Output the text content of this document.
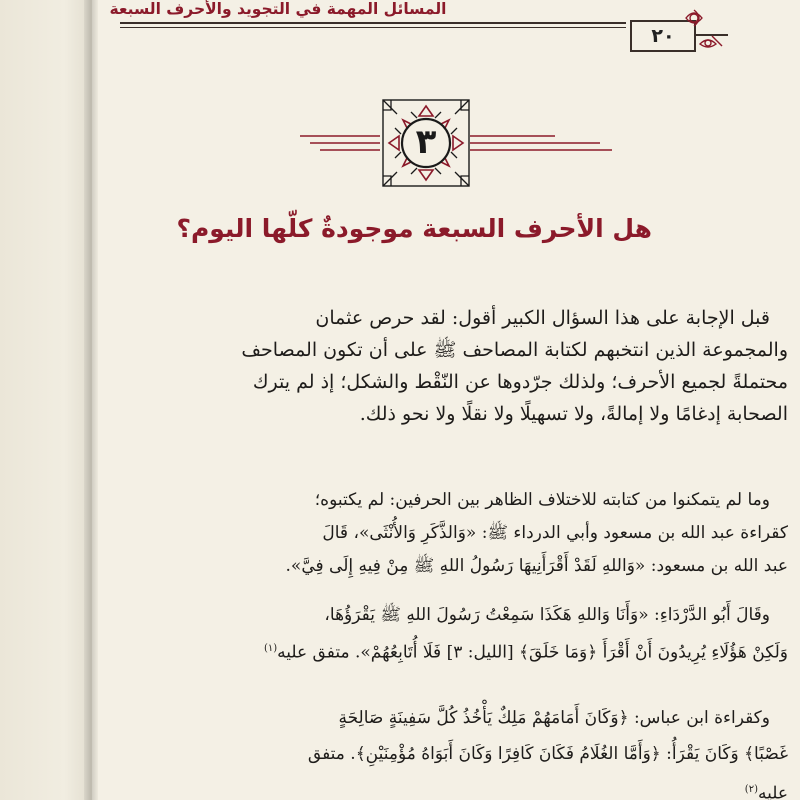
المسائل المهمة في التجويد والأحرف السبعة
٢٠
٣
هل الأحرف السبعة موجودةٌ كلّها اليوم؟
قبل الإجابة على هذا السؤال الكبير أقول: لقد حرص عثمان
والمجموعة الذين انتخبهم لكتابة المصاحف ﷺ على أن تكون المصاحف
محتملةً لجميع الأحرف؛ ولذلك جرّدوها عن النّقْط والشكل؛ إذ لم يترك
الصحابة إدغامًا ولا إمالةً، ولا تسهيلًا ولا نقلًا ولا نحو ذلك.
وما لم يتمكنوا من كتابته للاختلاف الظاهر بين الحرفين: لم يكتبوه؛
كقراءة عبد الله بن مسعود وأبي الدرداء ﷺ: «وَالذَّكَرِ وَالأُنْثَى»، قَالَ
عبد الله بن مسعود: «وَاللهِ لَقَدْ أَقْرَأَنِيهَا رَسُولُ اللهِ ﷺ مِنْ فِيهِ إِلَى فِيَّ».
وقَالَ أَبُو الدَّرْدَاءِ: «وَأَنَا وَاللهِ هَكَذَا سَمِعْتُ رَسُولَ اللهِ ﷺ يَقْرَؤُهَا،
وَلَكِنْ هَؤُلَاءِ يُرِيدُونَ أَنْ أَقْرَأَ ﴿وَمَا خَلَقَ﴾ [الليل: ٣] فَلَا أُتَابِعُهُمْ». متفق عليه$^{(١)}$
وكقراءة ابن عباس: ﴿وَكَانَ أَمَامَهُمْ مَلِكٌ يَأْخُذُ كُلَّ سَفِينَةٍ صَالِحَةٍ
غَصْبًا﴾ وَكَانَ يَقْرَأُ: ﴿وَأَمَّا الغُلَامُ فَكَانَ كَافِرًا وَكَانَ أَبَوَاهُ مُؤْمِنَيْنِ﴾. متفق
عليه$^{(٢)}$
